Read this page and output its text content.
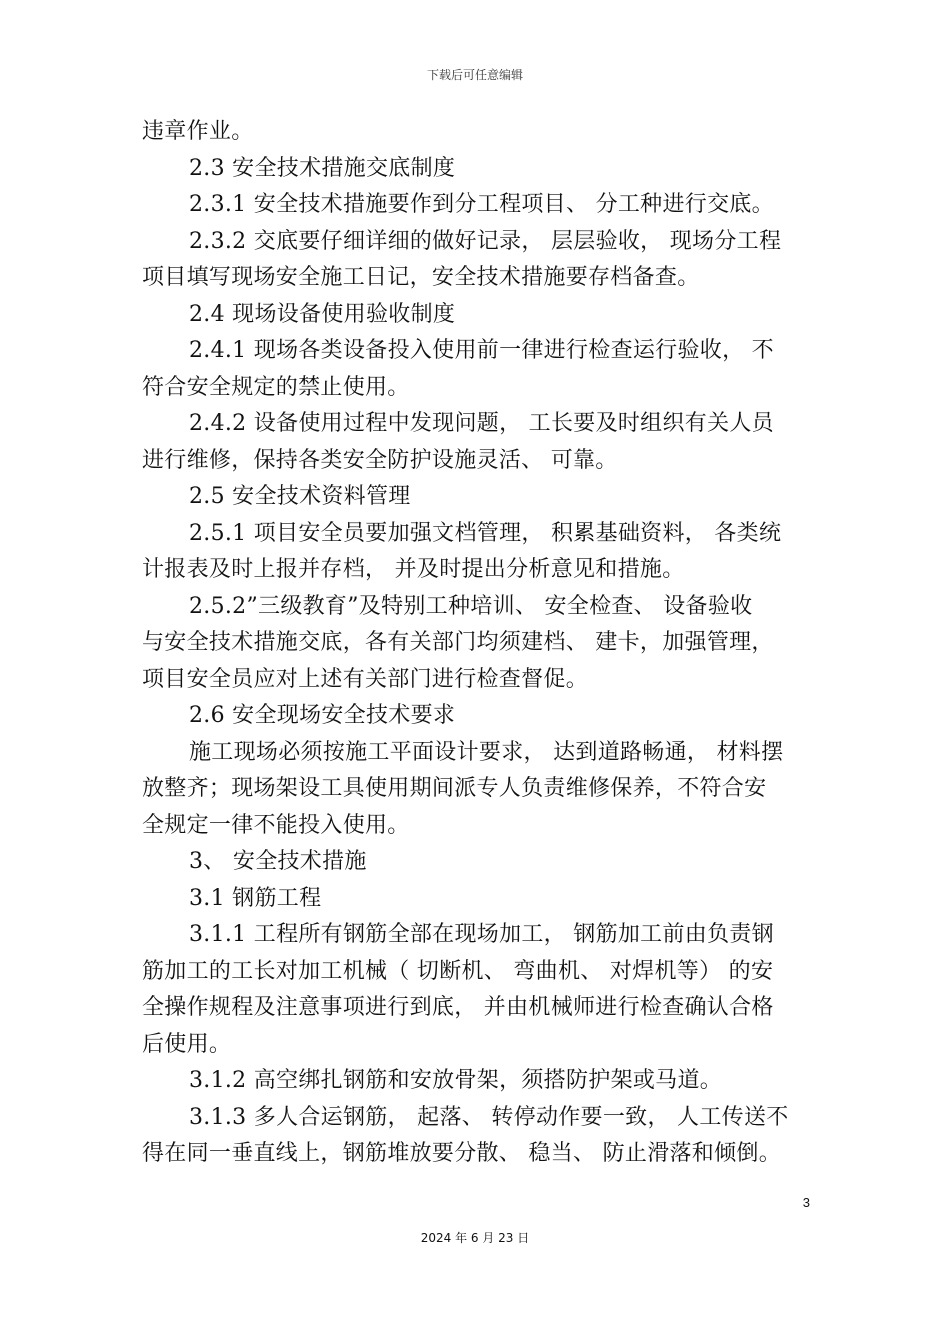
下载后可任意编辑
违章作业。
2.3 安全技术措施交底制度
2.3.1 安全技术措施要作到分工程项目、 分工种进行交底。
2.3.2 交底要仔细详细的做好记录， 层层验收， 现场分工程
项目填写现场安全施工日记，安全技术措施要存档备查。
2.4 现场设备使用验收制度
2.4.1 现场各类设备投入使用前一律进行检查运行验收， 不
符合安全规定的禁止使用。
2.4.2 设备使用过程中发现问题， 工长要及时组织有关人员
进行维修，保持各类安全防护设施灵活、 可靠。
2.5 安全技术资料管理
2.5.1 项目安全员要加强文档管理， 积累基础资料， 各类统
计报表及时上报并存档， 并及时提出分析意见和措施。
2.5.2”三级教育”及特别工种培训、 安全检查、 设备验收
与安全技术措施交底，各有关部门均须建档、 建卡，加强管理，
项目安全员应对上述有关部门进行检查督促。
2.6 安全现场安全技术要求
施工现场必须按施工平面设计要求， 达到道路畅通， 材料摆
放整齐；现场架设工具使用期间派专人负责维修保养，不符合安
全规定一律不能投入使用。
3、 安全技术措施
3.1 钢筋工程
3.1.1 工程所有钢筋全部在现场加工， 钢筋加工前由负责钢
筋加工的工长对加工机械（ 切断机、 弯曲机、 对焊机等） 的安
全操作规程及注意事项进行到底， 并由机械师进行检查确认合格
后使用。
3.1.2 高空绑扎钢筋和安放骨架，须搭防护架或马道。
3.1.3 多人合运钢筋， 起落、 转停动作要一致， 人工传送不
得在同一垂直线上，钢筋堆放要分散、 稳当、 防止滑落和倾倒。
3
2024 年 6 月 23 日
